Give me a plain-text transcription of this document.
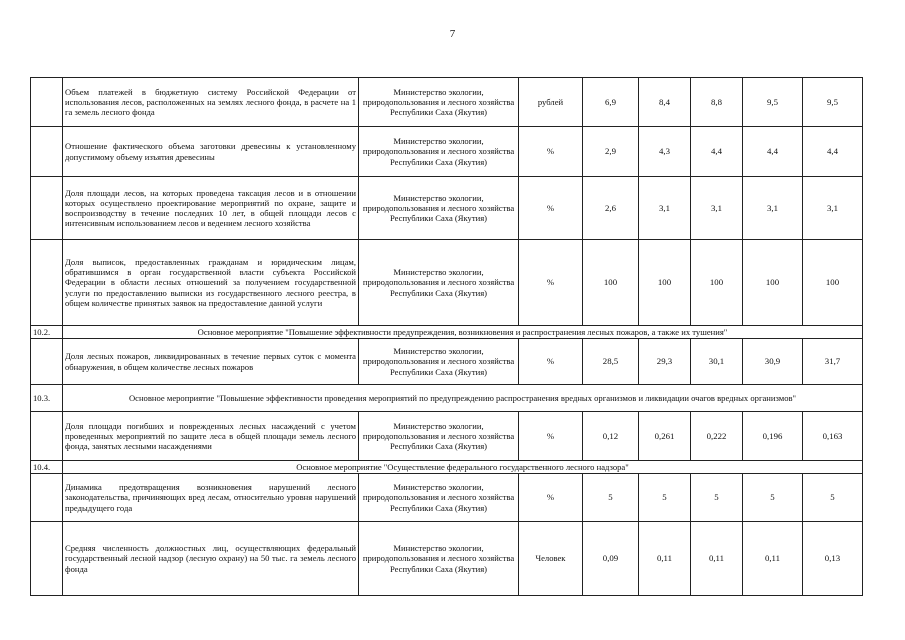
7
	Объем платежей в бюджетную систему Российской Федерации от использования лесов, расположенных на землях лесного фонда, в расчете на 1 га земель лесного фонда	Министерство экологии, природопользования и лесного хозяйства Республики Саха (Якутия)	рублей	6,9	8,4	8,8	9,5	9,5
	Отношение фактического объема заготовки древесины к установленному допустимому объему изъятия древесины	Министерство экологии, природопользования и лесного хозяйства Республики Саха (Якутия)	%	2,9	4,3	4,4	4,4	4,4
	Доля площади лесов, на которых проведена таксация лесов и в отношении которых осуществлено проектирование мероприятий по охране, защите и воспроизводству в течение последних 10 лет, в общей площади лесов с интенсивным использованием лесов и ведением лесного хозяйства	Министерство экологии, природопользования и лесного хозяйства Республики Саха (Якутия)	%	2,6	3,1	3,1	3,1	3,1
	Доля выписок, предоставленных гражданам и юридическим лицам, обратившимся в орган государственной власти субъекта Российской Федерации в области лесных отношений за получением государственной услуги по предоставлению выписки из государственного лесного реестра, в общем количестве принятых заявок на предоставление данной услуги	Министерство экологии, природопользования и лесного хозяйства Республики Саха (Якутия)	%	100	100	100	100	100
10.2.	Основное мероприятие "Повышение эффективности предупреждения, возникновения и распространения лесных пожаров, а также их тушения"							
	Доля лесных пожаров, ликвидированных в течение первых суток с момента обнаружения, в общем количестве лесных пожаров	Министерство экологии, природопользования и лесного хозяйства Республики Саха (Якутия)	%	28,5	29,3	30,1	30,9	31,7
10.3.	Основное мероприятие "Повышение эффективности проведения мероприятий по предупреждению распространения вредных организмов и ликвидации очагов вредных организмов"							
	Доля площади погибших и поврежденных лесных насаждений с учетом проведенных мероприятий по защите леса в общей площади земель лесного фонда, занятых лесными насаждениями	Министерство экологии, природопользования и лесного хозяйства Республики Саха (Якутия)	%	0,12	0,261	0,222	0,196	0,163
10.4.	Основное мероприятие "Осуществление федерального государственного лесного надзора"							
	Динамика предотвращения возникновения нарушений лесного законодательства, причиняющих вред лесам, относительно уровня нарушений предыдущего года	Министерство экологии, природопользования и лесного хозяйства Республики Саха (Якутия)	%	5	5	5	5	5
	Средняя численность должностных лиц, осуществляющих федеральный государственный лесной надзор (лесную охрану) на 50 тыс. га земель лесного фонда	Министерство экологии, природопользования и лесного хозяйства Республики Саха (Якутия)	Человек	0,09	0,11	0,11	0,11	0,13
